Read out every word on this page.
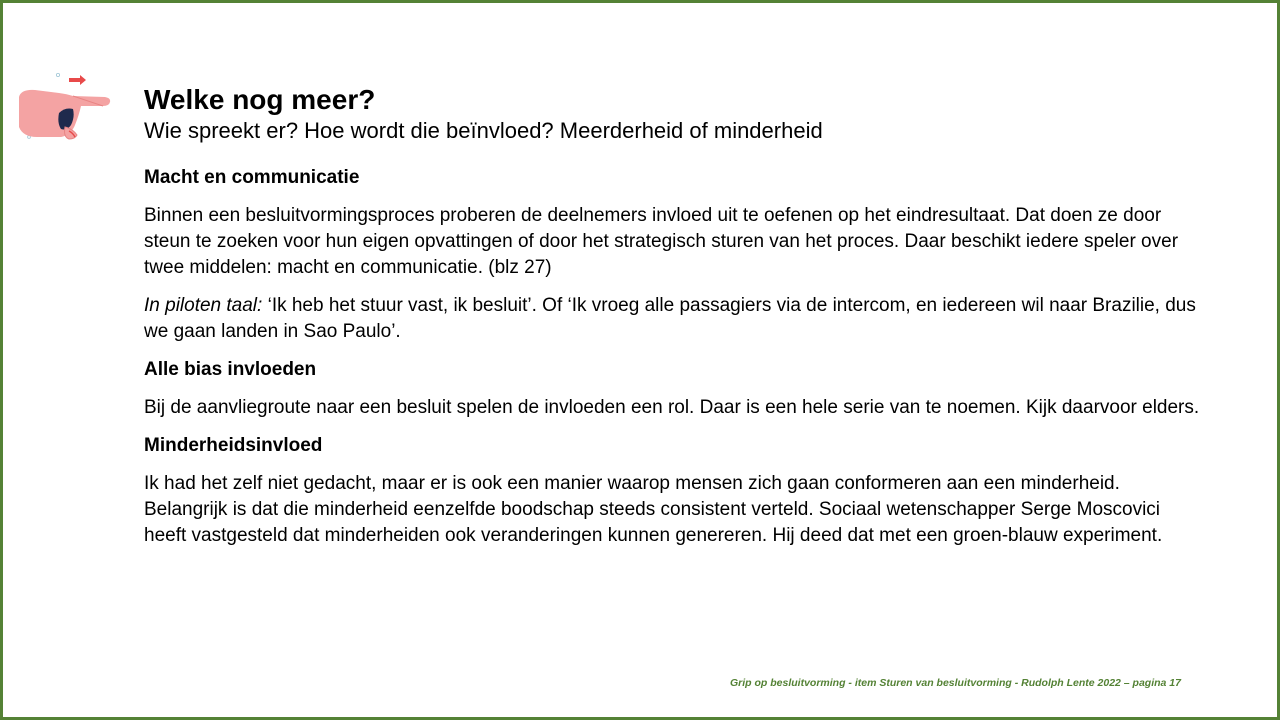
Welke nog meer?

Wie spreekt er? Hoe wordt die beïnvloed? Meerderheid of minderheid

Macht en communicatie

Binnen een besluitvormingsproces proberen de deelnemers invloed uit te oefenen op het eindresultaat. Dat doen ze door steun te zoeken voor hun eigen opvattingen of door het strategisch sturen van het proces. Daar beschikt iedere speler over twee middelen: macht en communicatie. (blz 27)

In piloten taal: ‘Ik heb het stuur vast, ik besluit’. Of ‘Ik vroeg alle passagiers via de intercom, en iedereen wil naar Brazilie, dus we gaan landen in Sao Paulo’.

Alle bias invloeden

Bij de aanvliegroute naar een besluit spelen de invloeden een rol. Daar is een hele serie van te noemen. Kijk daarvoor elders.

Minderheidsinvloed

Ik had het zelf niet gedacht, maar er is ook een manier waarop mensen zich gaan conformeren aan een minderheid. Belangrijk is dat die minderheid eenzelfde boodschap steeds consistent verteld. Sociaal wetenschapper Serge Moscovici heeft vastgesteld dat minderheiden ook veranderingen kunnen genereren. Hij deed dat met een groen-blauw experiment.

Grip op besluitvorming - item Sturen van besluitvorming - Rudolph Lente 2022 – pagina 17
